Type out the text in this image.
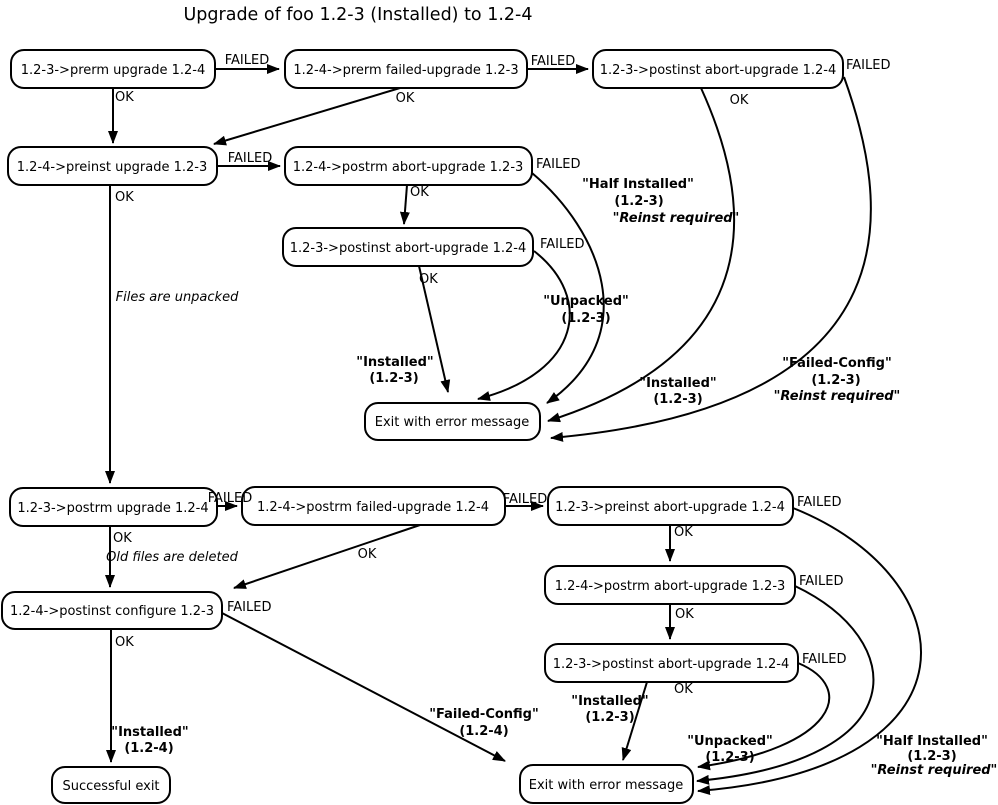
Upgrade of foo 1.2-3 (Installed) to 1.2-4
1.2-3->prerm upgrade 1.2-4	1.2-4->prerm failed-upgrade 1.2-3	1.2-3->postinst abort-upgrade 1.2-4
1.2-4->preinst upgrade 1.2-3	1.2-4->postrm abort-upgrade 1.2-3
1.2-3->postinst abort-upgrade 1.2-4
Exit with error message
1.2-3->postrm upgrade 1.2-4	1.2-4->postrm failed-upgrade 1.2-4	1.2-3->preinst abort-upgrade 1.2-4
1.2-4->postrm abort-upgrade 1.2-3
1.2-3->postinst abort-upgrade 1.2-4
1.2-4->postinst configure 1.2-3
Successful exit	Exit with error message
FAILED	FAILED	FAILED
FAILED	FAILED
FAILED
FAILED	FAILED	FAILED
FAILED
FAILED
FAILED
OK	OK	OK
OK	OK
OK
OK
OK
OK
OK
OK
OK
Files are unpacked
Old files are deleted
"Half Installed"
(1.2-3)
"Reinst required"
"Unpacked"
(1.2-3)
"Installed"
(1.2-3)	"Installed"
(1.2-3)
"Failed-Config"
(1.2-3)
"Reinst required"
"Installed"
(1.2-4)
"Failed-Config"
(1.2-4)
"Installed"
(1.2-3)
"Unpacked"
(1.2-3)
"Half Installed"
(1.2-3)
"Reinst required"
